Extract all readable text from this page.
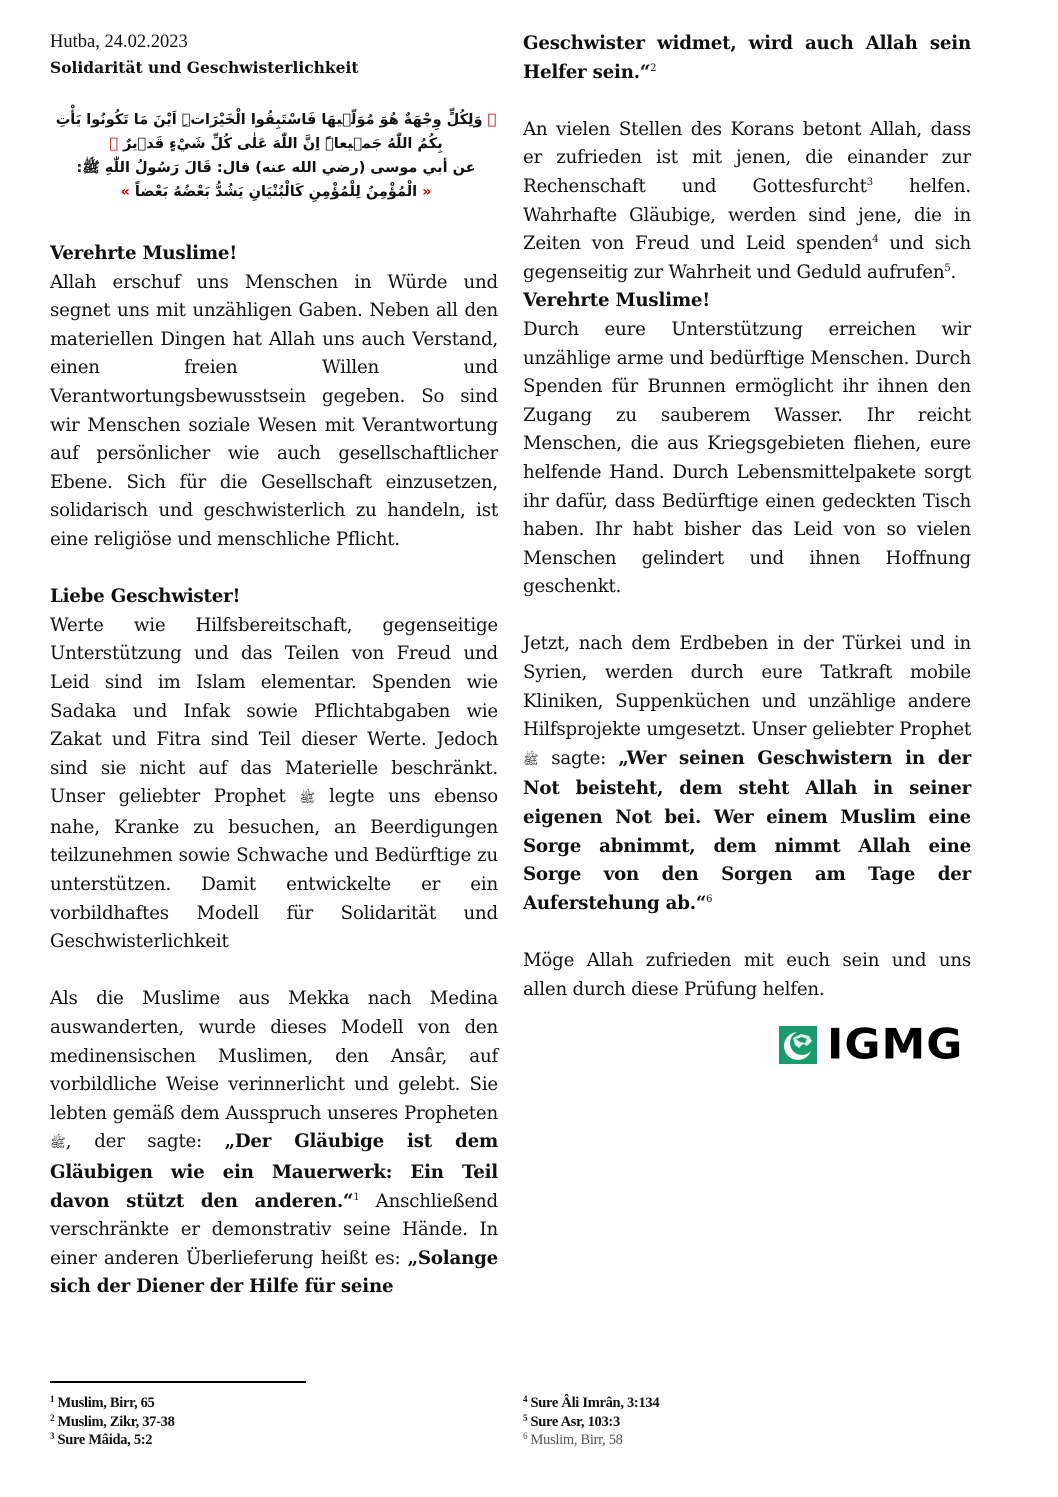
Hutba, 24.02.2023
Solidarität und Geschwisterlichkeit
﴿ وَلِكُلٍّ وِجْهَةٌ هُوَ مُوَلّ۪يهَا فَاسْتَبِقُوا الْخَيْرَاتِۜ اَيْنَ مَا تَكُونُوا يَأْتِ بِكُمُ اللّٰهُ جَم۪يعاًۜ اِنَّ اللّٰهَ عَلٰى كُلِّ شَيْءٍ قَد۪يرٌ ﴾
عن أبي موسى (رضي الله عنه) قال: قَالَ رَسُولُ اللّٰهِ ﷺ:
« الْمُؤْمِنُ لِلْمُؤْمِنِ كَالْبُنْيَانِ يَشُدُّ بَعْضُهُ بَعْضاً »

Verehrte Muslime!

Allah erschuf uns Menschen in Würde und segnet uns mit unzähligen Gaben. Neben all den materiellen Dingen hat Allah uns auch Verstand, einen freien Willen und Verantwortungsbewusstsein gegeben. So sind wir Menschen soziale Wesen mit Verantwortung auf persönlicher wie auch gesellschaftlicher Ebene. Sich für die Gesellschaft einzusetzen, solidarisch und geschwisterlich zu handeln, ist eine religiöse und menschliche Pflicht.

Liebe Geschwister!

Werte wie Hilfsbereitschaft, gegenseitige Unterstützung und das Teilen von Freud und Leid sind im Islam elementar. Spenden wie Sadaka und Infak sowie Pflichtabgaben wie Zakat und Fitra sind Teil dieser Werte. Jedoch sind sie nicht auf das Materielle beschränkt. Unser geliebter Prophet ﷺ legte uns ebenso nahe, Kranke zu besuchen, an Beerdigungen teilzunehmen sowie Schwache und Bedürftige zu unterstützen. Damit entwickelte er ein vorbildhaftes Modell für Solidarität und Geschwisterlichkeit

Als die Muslime aus Mekka nach Medina auswanderten, wurde dieses Modell von den medinensischen Muslimen, den Ansâr, auf vorbildliche Weise verinnerlicht und gelebt. Sie lebten gemäß dem Ausspruch unseres Propheten ﷺ, der sagte: „Der Gläubige ist dem Gläubigen wie ein Mauerwerk: Ein Teil davon stützt den anderen.“$^1$ Anschließend verschränkte er demonstrativ seine Hände. In einer anderen Überlieferung heißt es: „Solange sich der Diener der Hilfe für seine

Geschwister widmet, wird auch Allah sein Helfer sein.“$^2$

An vielen Stellen des Korans betont Allah, dass er zufrieden ist mit jenen, die einander zur Rechenschaft und Gottesfurcht$^3$ helfen. Wahrhafte Gläubige, werden sind jene, die in Zeiten von Freud und Leid spenden$^4$ und sich gegenseitig zur Wahrheit und Geduld aufrufen$^5$.

Verehrte Muslime!

Durch eure Unterstützung erreichen wir unzählige arme und bedürftige Menschen. Durch Spenden für Brunnen ermöglicht ihr ihnen den Zugang zu sauberem Wasser. Ihr reicht Menschen, die aus Kriegsgebieten fliehen, eure helfende Hand. Durch Lebensmittelpakete sorgt ihr dafür, dass Bedürftige einen gedeckten Tisch haben. Ihr habt bisher das Leid von so vielen Menschen gelindert und ihnen Hoffnung geschenkt.

Jetzt, nach dem Erdbeben in der Türkei und in Syrien, werden durch eure Tatkraft mobile Kliniken, Suppenküchen und unzählige andere Hilfsprojekte umgesetzt. Unser geliebter Prophet ﷺ sagte: „Wer seinen Geschwistern in der Not beisteht, dem steht Allah in seiner eigenen Not bei. Wer einem Muslim eine Sorge abnimmt, dem nimmt Allah eine Sorge von den Sorgen am Tage der Auferstehung ab.“$^6$

Möge Allah zufrieden mit euch sein und uns allen durch diese Prüfung helfen.

IGMG

$^1$ Muslim, Birr, 65

$^2$ Muslim, Zikr, 37-38

$^3$ Sure Mâida, 5:2

$^4$ Sure Âli Imrân, 3:134

$^5$ Sure Asr, 103:3

$^6$ Muslim, Birr, 58
